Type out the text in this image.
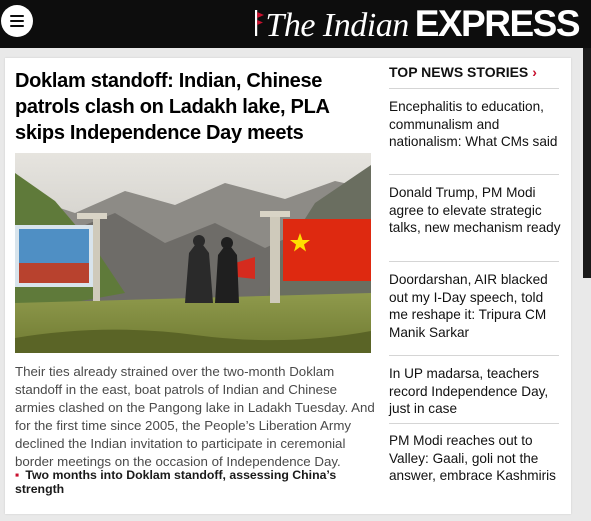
The Indian EXPRESS
Doklam standoff: Indian, Chinese patrols clash on Ladakh lake, PLA skips Independence Day meets

Their ties already strained over the two-month Doklam standoff in the east, boat patrols of Indian and Chinese armies clashed on the Pangong lake in Ladakh Tuesday. And for the first time since 2005, the People’s Liberation Army declined the Indian invitation to participate in ceremonial border meetings on the occasion of Independence Day.

▪ Two months into Doklam standoff, assessing China’s strength
TOP NEWS STORIES ›
Encephalitis to education, communalism and nationalism: What CMs said
Donald Trump, PM Modi agree to elevate strategic talks, new mechanism ready
Doordarshan, AIR blacked out my I-Day speech, told me reshape it: Tripura CM Manik Sarkar
In UP madarsa, teachers record Independence Day, just in case
PM Modi reaches out to Valley: Gaali, goli not the answer, embrace Kashmiris
